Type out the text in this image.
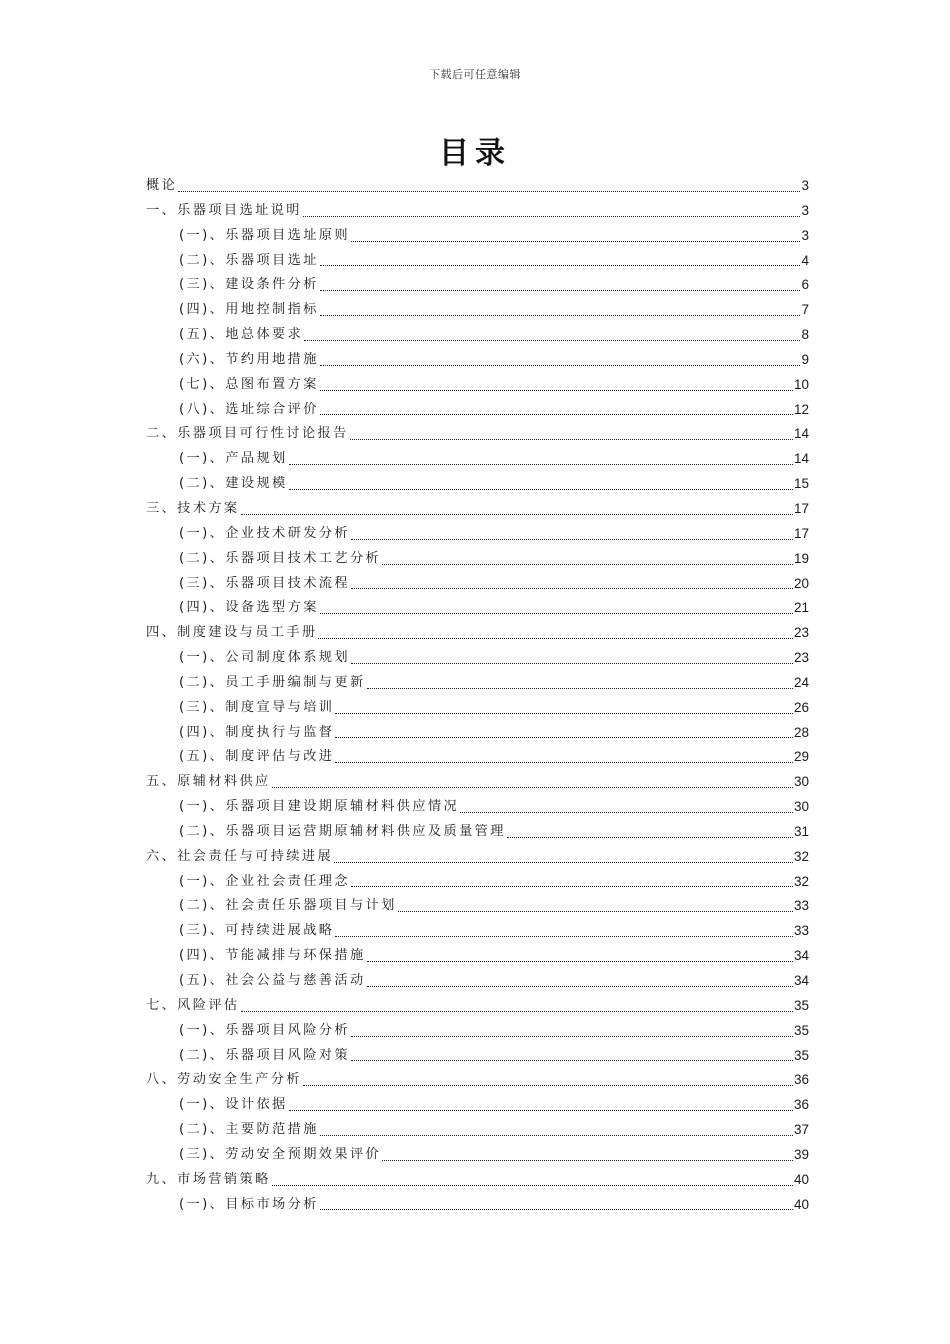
下载后可任意编辑
目录
概论	3
一、乐器项目选址说明	3
(一)、乐器项目选址原则	3
(二)、乐器项目选址	4
(三)、建设条件分析	6
(四)、用地控制指标	7
(五)、地总体要求	8
(六)、节约用地措施	9
(七)、总图布置方案	10
(八)、选址综合评价	12
二、乐器项目可行性讨论报告	14
(一)、产品规划	14
(二)、建设规模	15
三、技术方案	17
(一)、企业技术研发分析	17
(二)、乐器项目技术工艺分析	19
(三)、乐器项目技术流程	20
(四)、设备选型方案	21
四、制度建设与员工手册	23
(一)、公司制度体系规划	23
(二)、员工手册编制与更新	24
(三)、制度宣导与培训	26
(四)、制度执行与监督	28
(五)、制度评估与改进	29
五、原辅材料供应	30
(一)、乐器项目建设期原辅材料供应情况	30
(二)、乐器项目运营期原辅材料供应及质量管理	31
六、社会责任与可持续进展	32
(一)、企业社会责任理念	32
(二)、社会责任乐器项目与计划	33
(三)、可持续进展战略	33
(四)、节能减排与环保措施	34
(五)、社会公益与慈善活动	34
七、风险评估	35
(一)、乐器项目风险分析	35
(二)、乐器项目风险对策	35
八、劳动安全生产分析	36
(一)、设计依据	36
(二)、主要防范措施	37
(三)、劳动安全预期效果评价	39
九、市场营销策略	40
(一)、目标市场分析	40
